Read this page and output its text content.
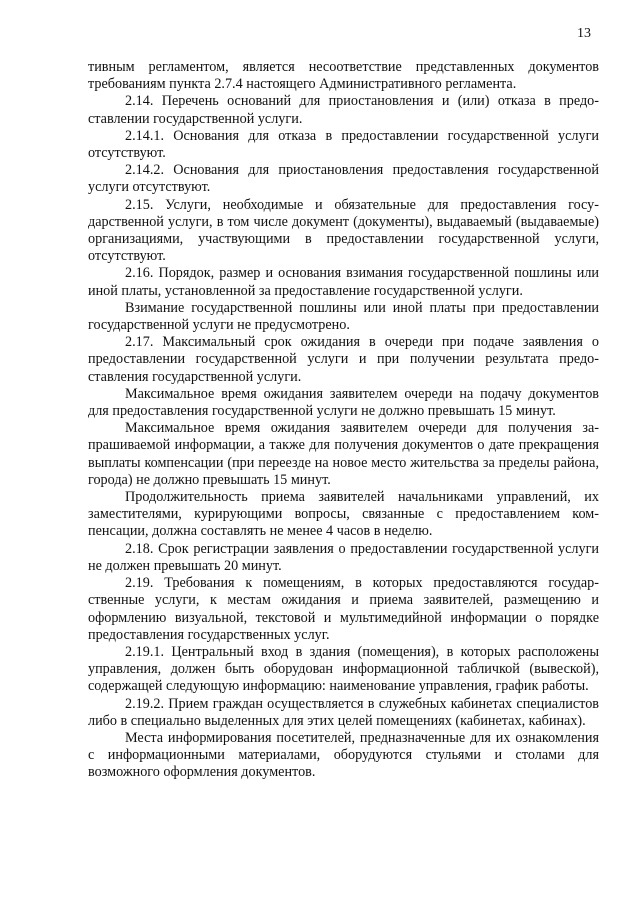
13

тивным регламентом, является несоответствие представленных документов требованиям пункта 2.7.4 настоящего Административного регламента.

2.14. Перечень оснований для приостановления и (или) отказа в предоставлении государственной услуги.

2.14.1. Основания для отказа в предоставлении государственной услуги отсутствуют.

2.14.2. Основания для приостановления предоставления государственной услуги отсутствуют.

2.15. Услуги, необходимые и обязательные для предоставления государственной услуги, в том числе документ (документы), выдаваемый (выдаваемые) организациями, участвующими в предоставлении государственной услуги, отсутствуют.

2.16. Порядок, размер и основания взимания государственной пошлины или иной платы, установленной за предоставление государственной услуги.

Взимание государственной пошлины или иной платы при предоставлении государственной услуги не предусмотрено.

2.17. Максимальный срок ожидания в очереди при подаче заявления о предоставлении государственной услуги и при получении результата предоставления государственной услуги.

Максимальное время ожидания заявителем очереди на подачу документов для предоставления государственной услуги не должно превышать 15 минут.

Максимальное время ожидания заявителем очереди для получения запрашиваемой информации, а также для получения документов о дате прекращения выплаты компенсации (при переезде на новое место жительства за пределы района, города) не должно превышать 15 минут.

Продолжительность приема заявителей начальниками управлений, их заместителями, курирующими вопросы, связанные с предоставлением компенсации, должна составлять не менее 4 часов в неделю.

2.18. Срок регистрации заявления о предоставлении государственной услуги не должен превышать 20 минут.

2.19. Требования к помещениям, в которых предоставляются государственные услуги, к местам ожидания и приема заявителей, размещению и оформлению визуальной, текстовой и мультимедийной информации о порядке предоставления государственных услуг.

2.19.1. Центральный вход в здания (помещения), в которых расположены управления, должен быть оборудован информационной табличкой (вывеской), содержащей следующую информацию: наименование управления, график работы.

2.19.2. Прием граждан осуществляется в служебных кабинетах специалистов либо в специально выделенных для этих целей помещениях (кабинетах, кабинах).

Места информирования посетителей, предназначенные для их ознакомления с информационными материалами, оборудуются стульями и столами для возможного оформления документов.
